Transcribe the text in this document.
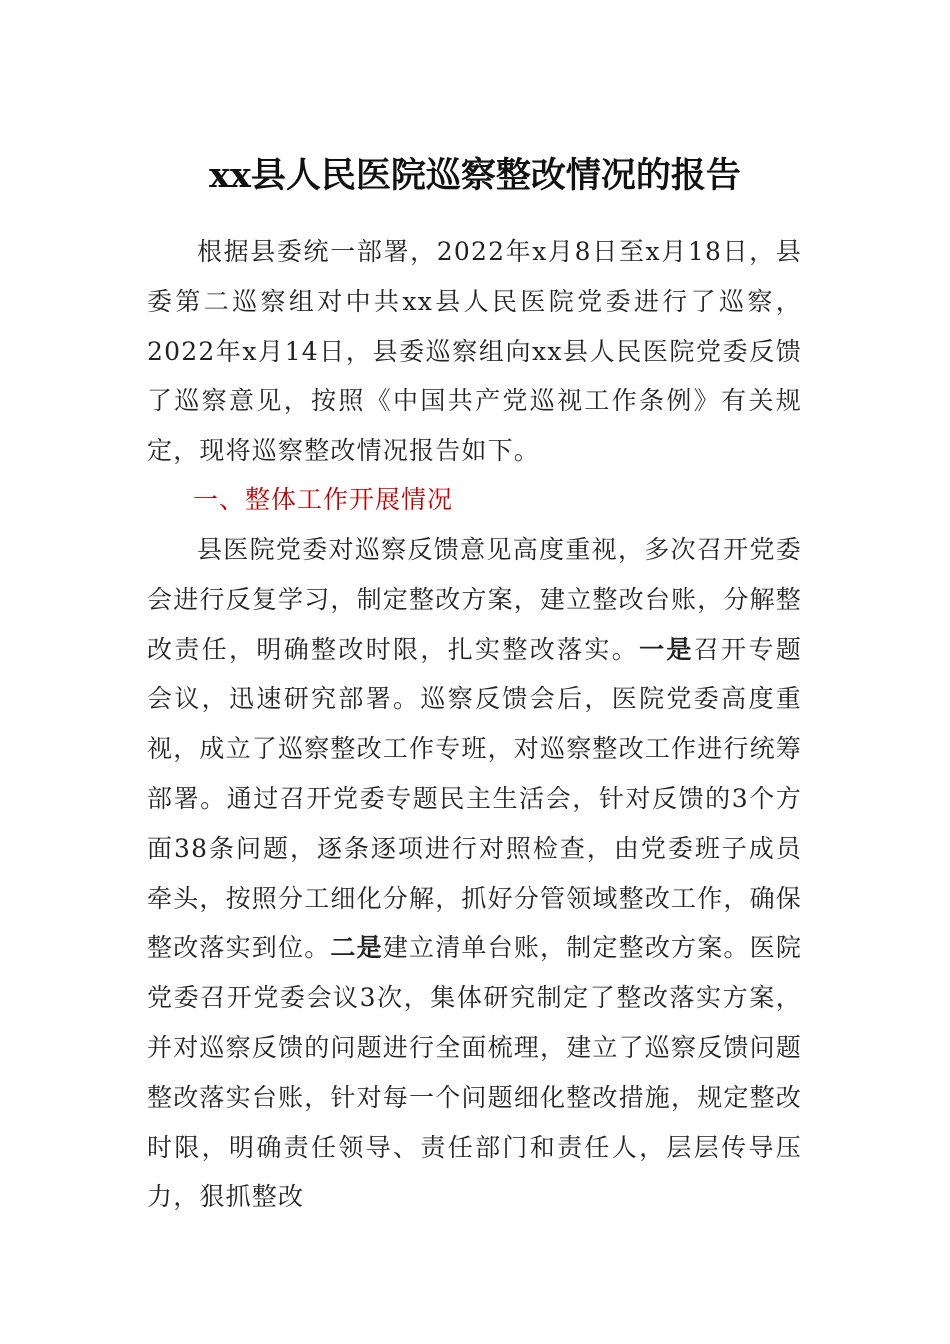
xx县人民医院巡察整改情况的报告
根据县委统一部署，2022年x月8日至x月18日，县委第二巡察组对中共xx县人民医院党委进行了巡察，2022年x月14日，县委巡察组向xx县人民医院党委反馈了巡察意见，按照《中国共产党巡视工作条例》有关规定，现将巡察整改情况报告如下。
一、整体工作开展情况
县医院党委对巡察反馈意见高度重视，多次召开党委会进行反复学习，制定整改方案，建立整改台账，分解整改责任，明确整改时限，扎实整改落实。一是召开专题会议，迅速研究部署。巡察反馈会后，医院党委高度重视，成立了巡察整改工作专班，对巡察整改工作进行统筹部署。通过召开党委专题民主生活会，针对反馈的3个方面38条问题，逐条逐项进行对照检查，由党委班子成员牵头，按照分工细化分解，抓好分管领域整改工作，确保整改落实到位。二是建立清单台账，制定整改方案。医院党委召开党委会议3次，集体研究制定了整改落实方案，并对巡察反馈的问题进行全面梳理，建立了巡察反馈问题整改落实台账，针对每一个问题细化整改措施，规定整改时限，明确责任领导、责任部门和责任人，层层传导压力，狠抓整改
